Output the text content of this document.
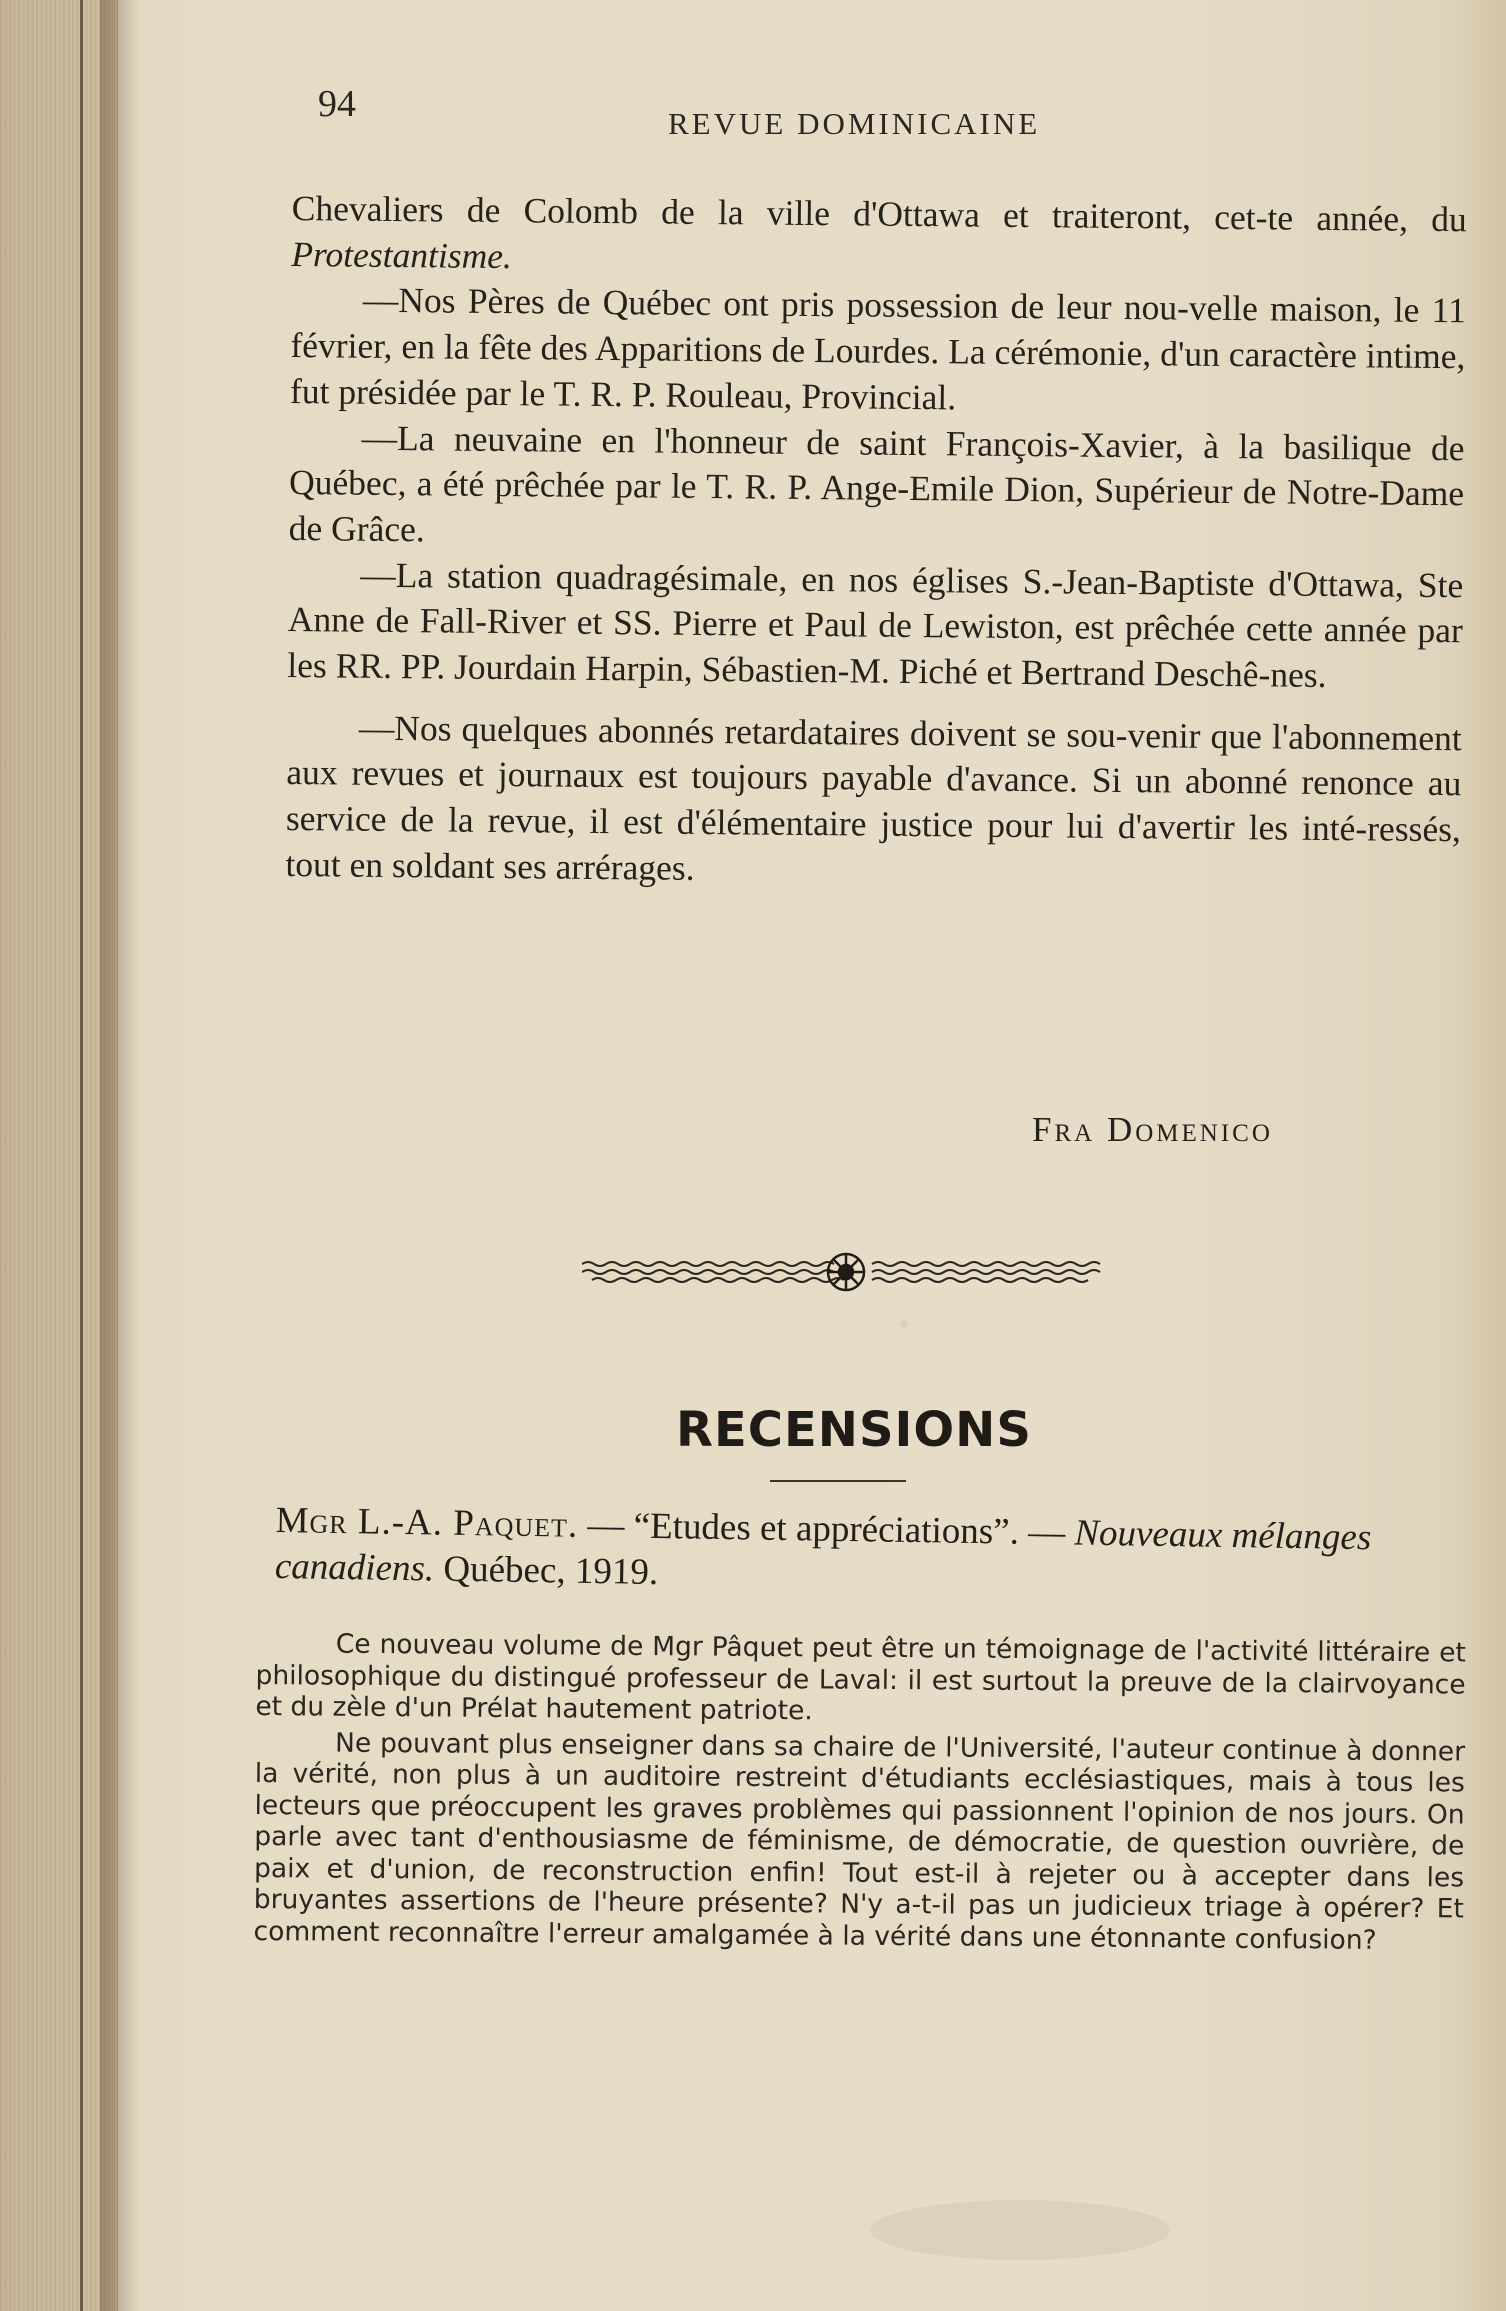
94	REVUE DOMINICAINE

Chevaliers de Colomb de la ville d'Ottawa et traiteront, cet-te année, du Protestantisme.

—Nos Pères de Québec ont pris possession de leur nou-velle maison, le 11 février, en la fête des Apparitions de Lourdes. La cérémonie, d'un caractère intime, fut présidée par le T. R. P. Rouleau, Provincial.

—La neuvaine en l'honneur de saint François-Xavier, à la basilique de Québec, a été prêchée par le T. R. P. Ange-Emile Dion, Supérieur de Notre-Dame de Grâce.

—La station quadragésimale, en nos églises S.-Jean-Baptiste d'Ottawa, Ste Anne de Fall-River et SS. Pierre et Paul de Lewiston, est prêchée cette année par les RR. PP. Jourdain Harpin, Sébastien-M. Piché et Bertrand Deschê-nes.

—Nos quelques abonnés retardataires doivent se sou-venir que l'abonnement aux revues et journaux est toujours payable d'avance. Si un abonné renonce au service de la revue, il est d'élémentaire justice pour lui d'avertir les inté-ressés, tout en soldant ses arrérages.

Fra Domenico
RECENSIONS
Mgr L.-A. Paquet. — “Etudes et appréciations”. — Nouveaux mélanges canadiens. Québec, 1919.

Ce nouveau volume de Mgr Pâquet peut être un témoignage de l'activité littéraire et philosophique du distingué professeur de Laval: il est surtout la preuve de la clairvoyance et du zèle d'un Prélat hautement patriote.

Ne pouvant plus enseigner dans sa chaire de l'Université, l'auteur continue à donner la vérité, non plus à un auditoire restreint d'étudiants ecclésiastiques, mais à tous les lecteurs que préoccupent les graves problèmes qui passionnent l'opinion de nos jours. On parle avec tant d'enthousiasme de féminisme, de démocratie, de question ouvrière, de paix et d'union, de reconstruction enfin! Tout est-il à rejeter ou à accepter dans les bruyantes assertions de l'heure présente? N'y a-t-il pas un judicieux triage à opérer? Et comment reconnaître l'erreur amalgamée à la vérité dans une étonnante confusion?
